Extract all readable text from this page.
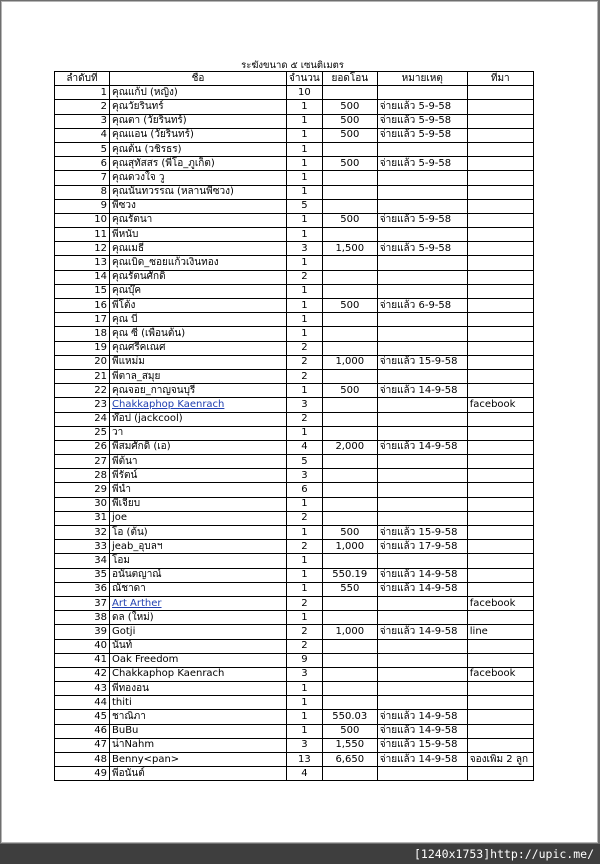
ระฆังขนาด ๕ เซนติเมตร
ลำดับที่	ชื่อ	จำนวน	ยอดโอน	หมายเหตุ	ที่มา
1	คุณแก้ป (หญิง)	10			
2	คุณวัยรินทร์	1	500	จ่ายแล้ว 5-9-58	
3	คุณตา (วัยรินทร์)	1	500	จ่ายแล้ว 5-9-58	
4	คุณแอน (วัยรินทร์)	1	500	จ่ายแล้ว 5-9-58	
5	คุณต้น (วชิรธร)	1			
6	คุณสุทัสสร (พี่โอ_ภูเก็ต)	1	500	จ่ายแล้ว 5-9-58	
7	คุณดวงใจ วู	1			
8	คุณนันทวรรณ (หลานพี่ซวง)	1			
9	พี่ซวง	5			
10	คุณรัตนา	1	500	จ่ายแล้ว 5-9-58	
11	พี่หนับ	1			
12	คุณเมธี	3	1,500	จ่ายแล้ว 5-9-58	
13	คุณเบิด_ซอยแก้วเงินทอง	1			
14	คุณรัตนศักดิ์	2			
15	คุณบุ๊ค	1			
16	พี่โต้ง	1	500	จ่ายแล้ว 6-9-58	
17	คุณ บี	1			
18	คุณ ซี (เพื่อนต้น)	1			
19	คุณศรีคเณศ	2			
20	พี่แหม่ม	2	1,000	จ่ายแล้ว 15-9-58	
21	พี่ตาล_สมุย	2			
22	คุณจอย_กาญจนบุรี	1	500	จ่ายแล้ว 14-9-58	
23	Chakkaphop Kaenrach	3			facebook
24	ท๊อป (jackcool)	2			
25	วา	1			
26	พี่สมศักดิ์ (เอ)	4	2,000	จ่ายแล้ว 14-9-58	
27	พี่ต้นา	5			
28	พี่รัตน์	3			
29	พี่นำ	6			
30	พี่เจี๊ยบ	1			
31	joe	2			
32	โอ (ต้น)	1	500	จ่ายแล้ว 15-9-58	
33	jeab_อุบลฯ	2	1,000	จ่ายแล้ว 17-9-58	
34	โอม	1			
35	อนันตญาณ์	1	550.19	จ่ายแล้ว 14-9-58	
36	ณัชาดา	1	550	จ่ายแล้ว 14-9-58	
37	Art Arther	2			facebook
38	ดล (ใหม่)	1			
39	Gotji	2	1,000	จ่ายแล้ว 14-9-58	line
40	นันท์	2			
41	Oak Freedom	9			
42	Chakkaphop Kaenrach	3			facebook
43	พี่ทองอน	1			
44	thiti	1			
45	ชาณิภา	1	550.03	จ่ายแล้ว 14-9-58	
46	BuBu	1	500	จ่ายแล้ว 14-9-58	
47	น่าNahm	3	1,550	จ่ายแล้ว 15-9-58	
48	Benny<pan>	13	6,650	จ่ายแล้ว 14-9-58	จองเพิ่ม 2 ลูก
49	พี่อนันต์	4			
[1240x1753]http://upic.me/
